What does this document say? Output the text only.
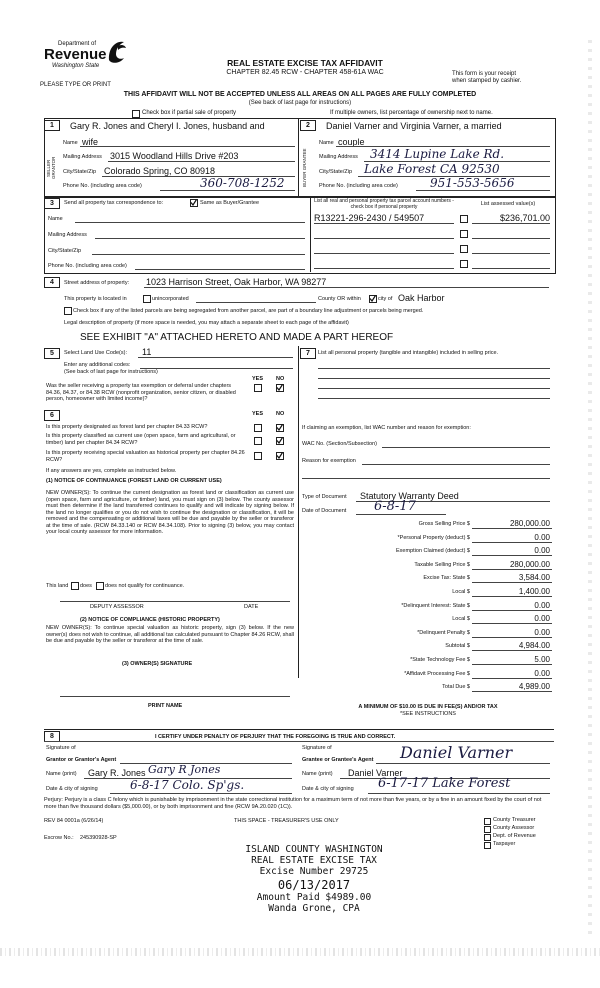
Department of
Revenue
Washington State
PLEASE TYPE OR PRINT
REAL ESTATE EXCISE TAX AFFIDAVIT
CHAPTER 82.45 RCW - CHAPTER 458-61A WAC	This form is your receipt
when stamped by cashier.
THIS AFFIDAVIT WILL NOT BE ACCEPTED UNLESS ALL AREAS ON ALL PAGES ARE FULLY COMPLETED
(See back of last page for instructions)
Check box if partial sale of property	If multiple owners, list percentage of ownership next to name.
1
SELLER GRANTOR
Gary R. Jones and Cheryl I. Jones, husband and
Name wife
Mailing Address 3015 Woodland Hills Drive #203
City/State/Zip Colorado Spring, CO 80918
Phone No. (including area code)	360-708-1252
2
BUYER GRANTEE
Daniel Varner and Virginia Varner, a married
Name couple
Mailing Address 3414 Lupine Lake Rd.
City/State/Zip Lake Forest CA 92530
Phone No. (including area code)	951-553-5656
3	Send all property tax correspondence to:	Same as Buyer/Grantee
Name
Mailing Address
City/State/Zip
Phone No. (including area code)
List all real and personal property tax parcel account numbers - check box if personal property	List assessed value(s)
R13221-296-2430 / 549507	$236,701.00
4	Street address of property: 1023 Harrison Street, Oak Harbor, WA 98277
This property is located in	unincorporated	County OR within	city of Oak Harbor
Check box if any of the listed parcels are being segregated from another parcel, are part of a boundary line adjustment or parcels being merged.
Legal description of property (if more space is needed, you may attach a separate sheet to each page of the affidavit)
SEE EXHIBIT "A" ATTACHED HERETO AND MADE A PART HEREOF
5	Select Land Use Code(s): 11
Enter any additional codes:
(See back of last page for instructions)
YES NO
Was the seller receiving a property tax exemption or deferral under chapters 84.36, 84.37, or 84.38 RCW (nonprofit organization, senior citizen, or disabled person, homeowner with limited income)?
6	YES NO
Is this property designated as forest land per chapter 84.33 RCW?
Is this property classified as current use (open space, farm and agricultural, or timber) land per chapter 84.34 RCW?
Is this property receiving special valuation as historical property per chapter 84.26 RCW?
If any answers are yes, complete as instructed below.
(1) NOTICE OF CONTINUANCE (FOREST LAND OR CURRENT USE)
NEW OWNER(S): To continue the current designation as forest land or classification as current use (open space, farm and agriculture, or timber) land, you must sign on (3) below. The county assessor must then determine if the land transferred continues to qualify and will indicate by signing below. If the land no longer qualifies or you do not wish to continue the designation or classification, it will be removed and the compensating or additional taxes will be due and payable by the seller or transferor at the time of sale. (RCW 84.33.140 or RCW 84.34.108). Prior to signing (3) below, you may contact your local county assessor for more information.
This land does does not qualify for continuance.
DEPUTY ASSESSOR	DATE
(2) NOTICE OF COMPLIANCE (HISTORIC PROPERTY)
NEW OWNER(S): To continue special valuation as historic property, sign (3) below. If the new owner(s) does not wish to continue, all additional tax calculated pursuant to Chapter 84.26 RCW, shall be due and payable by the seller or transferor at the time of sale.
(3) OWNER(S) SIGNATURE
PRINT NAME
7	List all personal property (tangible and intangible) included in selling price.
If claiming an exemption, list WAC number and reason for exemption:
WAC No. (Section/Subsection)
Reason for exemption
Type of Document Statutory Warranty Deed
Date of Document 6-8-17
Gross Selling Price $	280,000.00
*Personal Property (deduct) $	0.00
Exemption Claimed (deduct) $	0.00
Taxable Selling Price $	280,000.00
Excise Tax: State $	3,584.00
Local $	1,400.00
*Delinquent Interest: State $	0.00
Local $	0.00
*Delinquent Penalty $	0.00
Subtotal $	4,984.00
*State Technology Fee $	5.00
*Affidavit Processing Fee $	0.00
Total Due $	4,989.00
A MINIMUM OF $10.00 IS DUE IN FEE(S) AND/OR TAX
*SEE INSTRUCTIONS
8	I CERTIFY UNDER PENALTY OF PERJURY THAT THE FOREGOING IS TRUE AND CORRECT.
Signature of
Grantor or Grantor's Agent
Name (print) Gary R. Jones Gary R Jones
Date & city of signing	6-8-17 Colo. Sp'gs.
Signature of
Grantee or Grantee's Agent Daniel Varner
Name (print) Daniel Varner
Date & city of signing 6-17-17 Lake Forest
Perjury: Perjury is a class C felony which is punishable by imprisonment in the state correctional institution for a maximum term of not more than five years, or by a fine in an amount fixed by the court of not more than five thousand dollars ($5,000.00), or by both imprisonment and fine (RCW 9A.20.020 (1C)).
REV 84 0001a (6/26/14)	THIS SPACE - TREASURER'S USE ONLY
Escrow No.: 245390928-SP
County Treasurer
County Assessor
Dept. of Revenue
Taxpayer
ISLAND COUNTY WASHINGTON
REAL ESTATE EXCISE TAX
Excise Number 29725
06/13/2017
Amount Paid $4989.00
Wanda Grone, CPA
